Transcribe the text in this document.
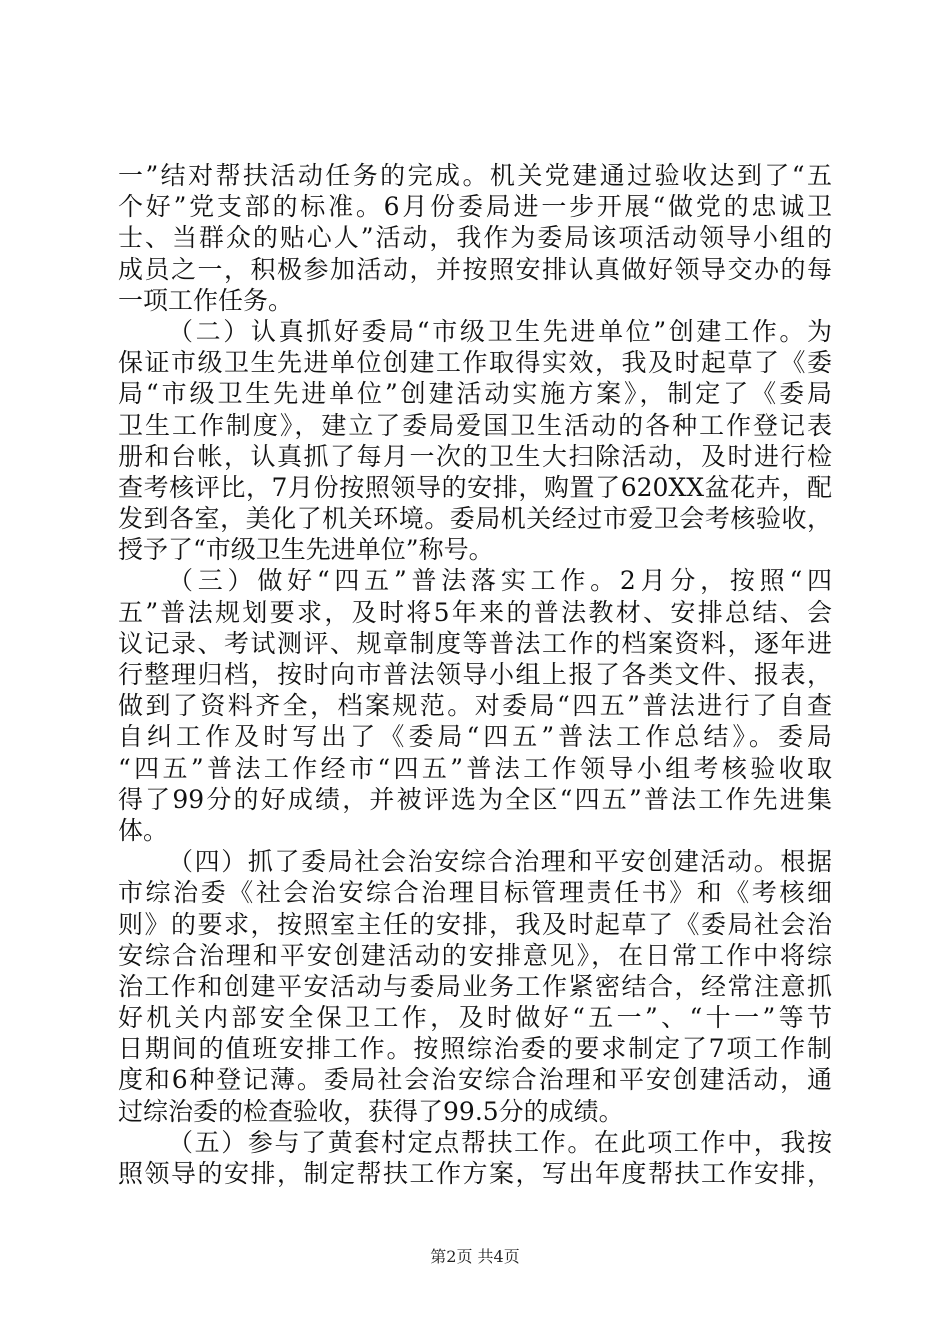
一”结对帮扶活动任务的完成。机关党建通过验收达到了“五
个好”党支部的标准。6月份委局进一步开展“做党的忠诚卫
士、当群众的贴心人”活动，我作为委局该项活动领导小组的
成员之一，积极参加活动，并按照安排认真做好领导交办的每
一项工作任务。
（二）认真抓好委局“市级卫生先进单位”创建工作。为
保证市级卫生先进单位创建工作取得实效，我及时起草了《委
局“市级卫生先进单位”创建活动实施方案》，制定了《委局
卫生工作制度》，建立了委局爱国卫生活动的各种工作登记表
册和台帐，认真抓了每月一次的卫生大扫除活动，及时进行检
查考核评比，7月份按照领导的安排，购置了620XX盆花卉，配
发到各室，美化了机关环境。委局机关经过市爱卫会考核验收，
授予了“市级卫生先进单位”称号。
（三）做好“四五”普法落实工作。2月分，按照“四
五”普法规划要求，及时将5年来的普法教材、安排总结、会
议记录、考试测评、规章制度等普法工作的档案资料，逐年进
行整理归档，按时向市普法领导小组上报了各类文件、报表，
做到了资料齐全，档案规范。对委局“四五”普法进行了自查
自纠工作及时写出了《委局“四五”普法工作总结》。委局
“四五”普法工作经市“四五”普法工作领导小组考核验收取
得了99分的好成绩，并被评选为全区“四五”普法工作先进集
体。
（四）抓了委局社会治安综合治理和平安创建活动。根据
市综治委《社会治安综合治理目标管理责任书》和《考核细
则》的要求，按照室主任的安排，我及时起草了《委局社会治
安综合治理和平安创建活动的安排意见》，在日常工作中将综
治工作和创建平安活动与委局业务工作紧密结合，经常注意抓
好机关内部安全保卫工作，及时做好“五一”、“十一”等节
日期间的值班安排工作。按照综治委的要求制定了7项工作制
度和6种登记薄。委局社会治安综合治理和平安创建活动，通
过综治委的检查验收，获得了99.5分的成绩。
（五）参与了黄套村定点帮扶工作。在此项工作中，我按
照领导的安排，制定帮扶工作方案，写出年度帮扶工作安排，
第2页 共4页
